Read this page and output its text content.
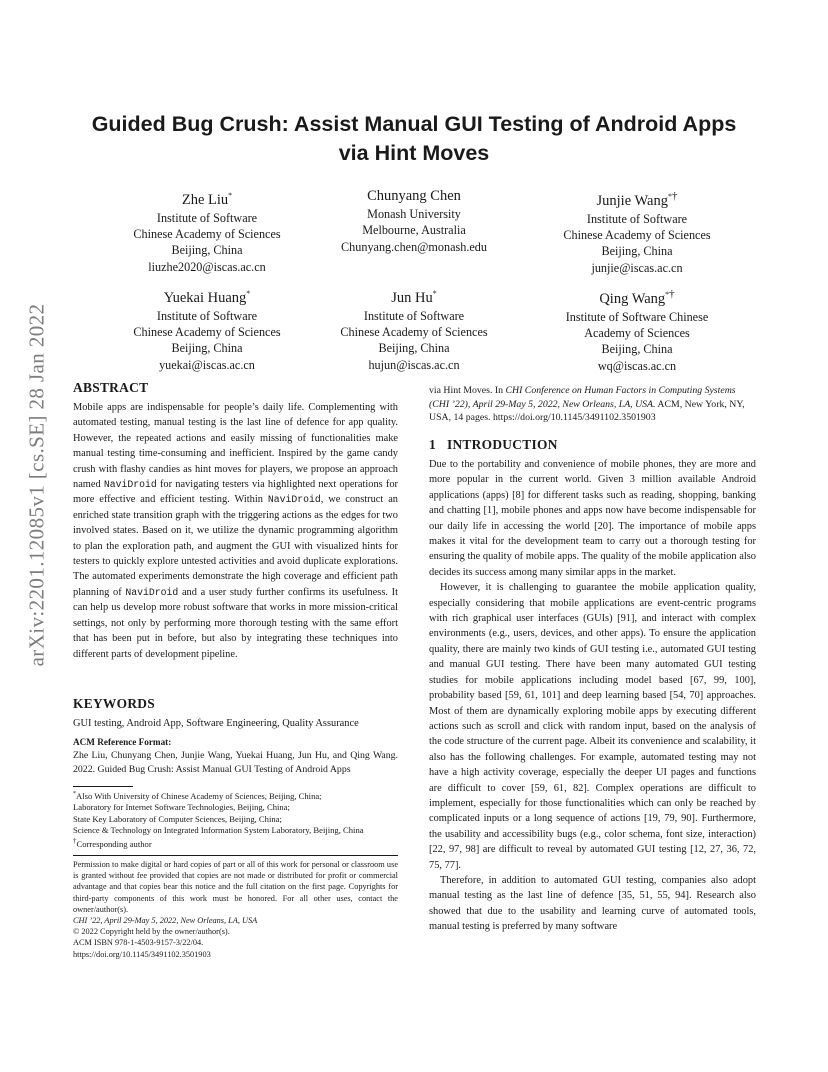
arXiv:2201.12085v1 [cs.SE] 28 Jan 2022
Guided Bug Crush: Assist Manual GUI Testing of Android Apps
via Hint Moves
Zhe Liu*
Institute of Software
Chinese Academy of Sciences
Beijing, China
liuzhe2020@iscas.ac.cn
Chunyang Chen
Monash University
Melbourne, Australia
Chunyang.chen@monash.edu
Junjie Wang*†
Institute of Software
Chinese Academy of Sciences
Beijing, China
junjie@iscas.ac.cn
Yuekai Huang*
Institute of Software
Chinese Academy of Sciences
Beijing, China
yuekai@iscas.ac.cn
Jun Hu*
Institute of Software
Chinese Academy of Sciences
Beijing, China
hujun@iscas.ac.cn
Qing Wang*†
Institute of Software Chinese
Academy of Sciences
Beijing, China
wq@iscas.ac.cn
ABSTRACT

Mobile apps are indispensable for people’s daily life. Complementing with automated testing, manual testing is the last line of defence for app quality. However, the repeated actions and easily missing of functionalities make manual testing time-consuming and inefficient. Inspired by the game candy crush with flashy candies as hint moves for players, we propose an approach named NaviDroid for navigating testers via highlighted next operations for more effective and efficient testing. Within NaviDroid, we construct an enriched state transition graph with the triggering actions as the edges for two involved states. Based on it, we utilize the dynamic programming algorithm to plan the exploration path, and augment the GUI with visualized hints for testers to quickly explore untested activities and avoid duplicate explorations. The automated experiments demonstrate the high coverage and efficient path planning of NaviDroid and a user study further confirms its usefulness. It can help us develop more robust software that works in more mission-critical settings, not only by performing more thorough testing with the same effort that has been put in before, but also by integrating these techniques into different parts of development pipeline.

KEYWORDS

GUI testing, Android App, Software Engineering, Quality Assurance

ACM Reference Format:

Zhe Liu, Chunyang Chen, Junjie Wang, Yuekai Huang, Jun Hu, and Qing Wang. 2022. Guided Bug Crush: Assist Manual GUI Testing of Android Apps

*Also With University of Chinese Academy of Sciences, Beijing, China;
Laboratory for Internet Software Technologies, Beijing, China;
State Key Laboratory of Computer Sciences, Beijing, China;
Science & Technology on Integrated Information System Laboratory, Beijing, China
†Corresponding author

Permission to make digital or hard copies of part or all of this work for personal or classroom use is granted without fee provided that copies are not made or distributed for profit or commercial advantage and that copies bear this notice and the full citation on the first page. Copyrights for third-party components of this work must be honored. For all other uses, contact the owner/author(s).

CHI ’22, April 29-May 5, 2022, New Orleans, LA, USA

© 2022 Copyright held by the owner/author(s).

ACM ISBN 978-1-4503-9157-3/22/04.

https://doi.org/10.1145/3491102.3501903

via Hint Moves. In CHI Conference on Human Factors in Computing Systems (CHI ’22), April 29-May 5, 2022, New Orleans, LA, USA. ACM, New York, NY, USA, 14 pages. https://doi.org/10.1145/3491102.3501903

1   INTRODUCTION

Due to the portability and convenience of mobile phones, they are more and more popular in the current world. Given 3 million available Android applications (apps) [8] for different tasks such as reading, shopping, banking and chatting [1], mobile phones and apps now have become indispensable for our daily life in accessing the world [20]. The importance of mobile apps makes it vital for the development team to carry out a thorough testing for ensuring the quality of mobile apps. The quality of the mobile application also decides its success among many similar apps in the market.

However, it is challenging to guarantee the mobile application quality, especially considering that mobile applications are event-centric programs with rich graphical user interfaces (GUIs) [91], and interact with complex environments (e.g., users, devices, and other apps). To ensure the application quality, there are mainly two kinds of GUI testing i.e., automated GUI testing and manual GUI testing. There have been many automated GUI testing studies for mobile applications including model based [67, 99, 100], probability based [59, 61, 101] and deep learning based [54, 70] approaches. Most of them are dynamically exploring mobile apps by executing different actions such as scroll and click with random input, based on the analysis of the code structure of the current page. Albeit its convenience and scalability, it also has the following challenges. For example, automated testing may not have a high activity coverage, especially the deeper UI pages and functions are difficult to cover [59, 61, 82]. Complex operations are difficult to implement, especially for those functionalities which can only be reached by complicated inputs or a long sequence of actions [19, 79, 90]. Furthermore, the usability and accessibility bugs (e.g., color schema, font size, interaction) [22, 97, 98] are difficult to reveal by automated GUI testing [12, 27, 36, 72, 75, 77].

Therefore, in addition to automated GUI testing, companies also adopt manual testing as the last line of defence [35, 51, 55, 94]. Research also showed that due to the usability and learning curve of automated tools, manual testing is preferred by many software
